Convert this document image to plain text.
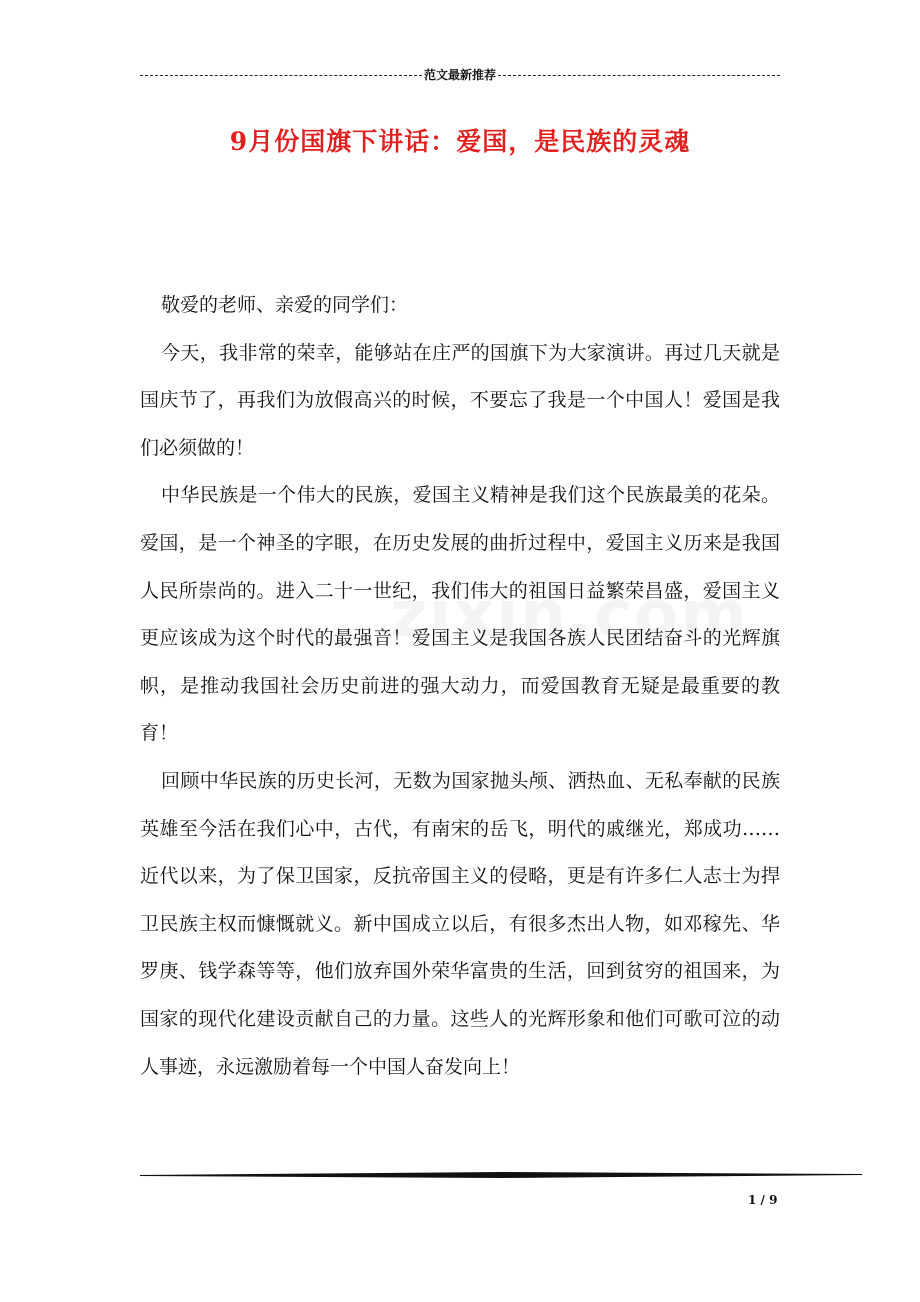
范文最新推荐
9月份国旗下讲话：爱国，是民族的灵魂

敬爱的老师、亲爱的同学们：

今天，我非常的荣幸，能够站在庄严的国旗下为大家演讲。再过几天就是国庆节了，再我们为放假高兴的时候，不要忘了我是一个中国人！爱国是我们必须做的！

中华民族是一个伟大的民族，爱国主义精神是我们这个民族最美的花朵。爱国，是一个神圣的字眼，在历史发展的曲折过程中，爱国主义历来是我国人民所崇尚的。进入二十一世纪，我们伟大的祖国日益繁荣昌盛，爱国主义更应该成为这个时代的最强音！爱国主义是我国各族人民团结奋斗的光辉旗帜，是推动我国社会历史前进的强大动力，而爱国教育无疑是最重要的教育！

回顾中华民族的历史长河，无数为国家抛头颅、洒热血、无私奉献的民族英雄至今活在我们心中，古代，有南宋的岳飞，明代的戚继光，郑成功……近代以来，为了保卫国家，反抗帝国主义的侵略，更是有许多仁人志士为捍卫民族主权而慷慨就义。新中国成立以后，有很多杰出人物，如邓稼先、华罗庚、钱学森等等，他们放弃国外荣华富贵的生活，回到贫穷的祖国来，为国家的现代化建设贡献自己的力量。这些人的光辉形象和他们可歌可泣的动人事迹，永远激励着每一个中国人奋发向上！

1 / 9
